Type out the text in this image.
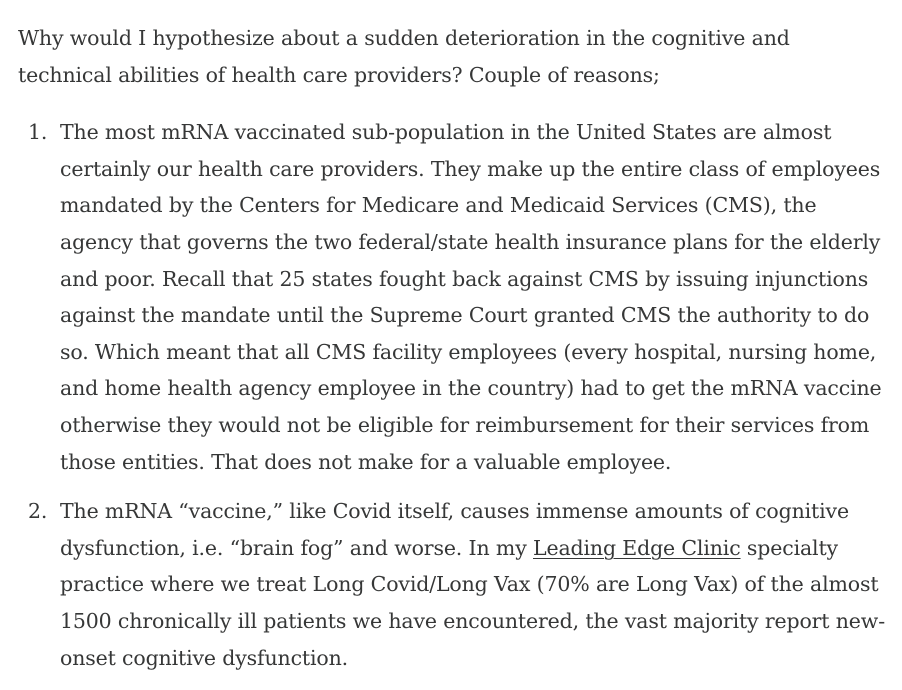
Why would I hypothesize about a sudden deterioration in the cognitive and technical abilities of health care providers? Couple of reasons;

1. The most mRNA vaccinated sub-population in the United States are almost certainly our health care providers. They make up the entire class of employees mandated by the Centers for Medicare and Medicaid Services (CMS), the agency that governs the two federal/state health insurance plans for the elderly and poor. Recall that 25 states fought back against CMS by issuing injunctions against the mandate until the Supreme Court granted CMS the authority to do so. Which meant that all CMS facility employees (every hospital, nursing home, and home health agency employee in the country) had to get the mRNA vaccine otherwise they would not be eligible for reimbursement for their services from those entities. That does not make for a valuable employee.
2. The mRNA “vaccine,” like Covid itself, causes immense amounts of cognitive dysfunction, i.e. “brain fog” and worse. In my Leading Edge Clinic specialty practice where we treat Long Covid/Long Vax (70% are Long Vax) of the almost 1500 chronically ill patients we have encountered, the vast majority report new-onset cognitive dysfunction.
